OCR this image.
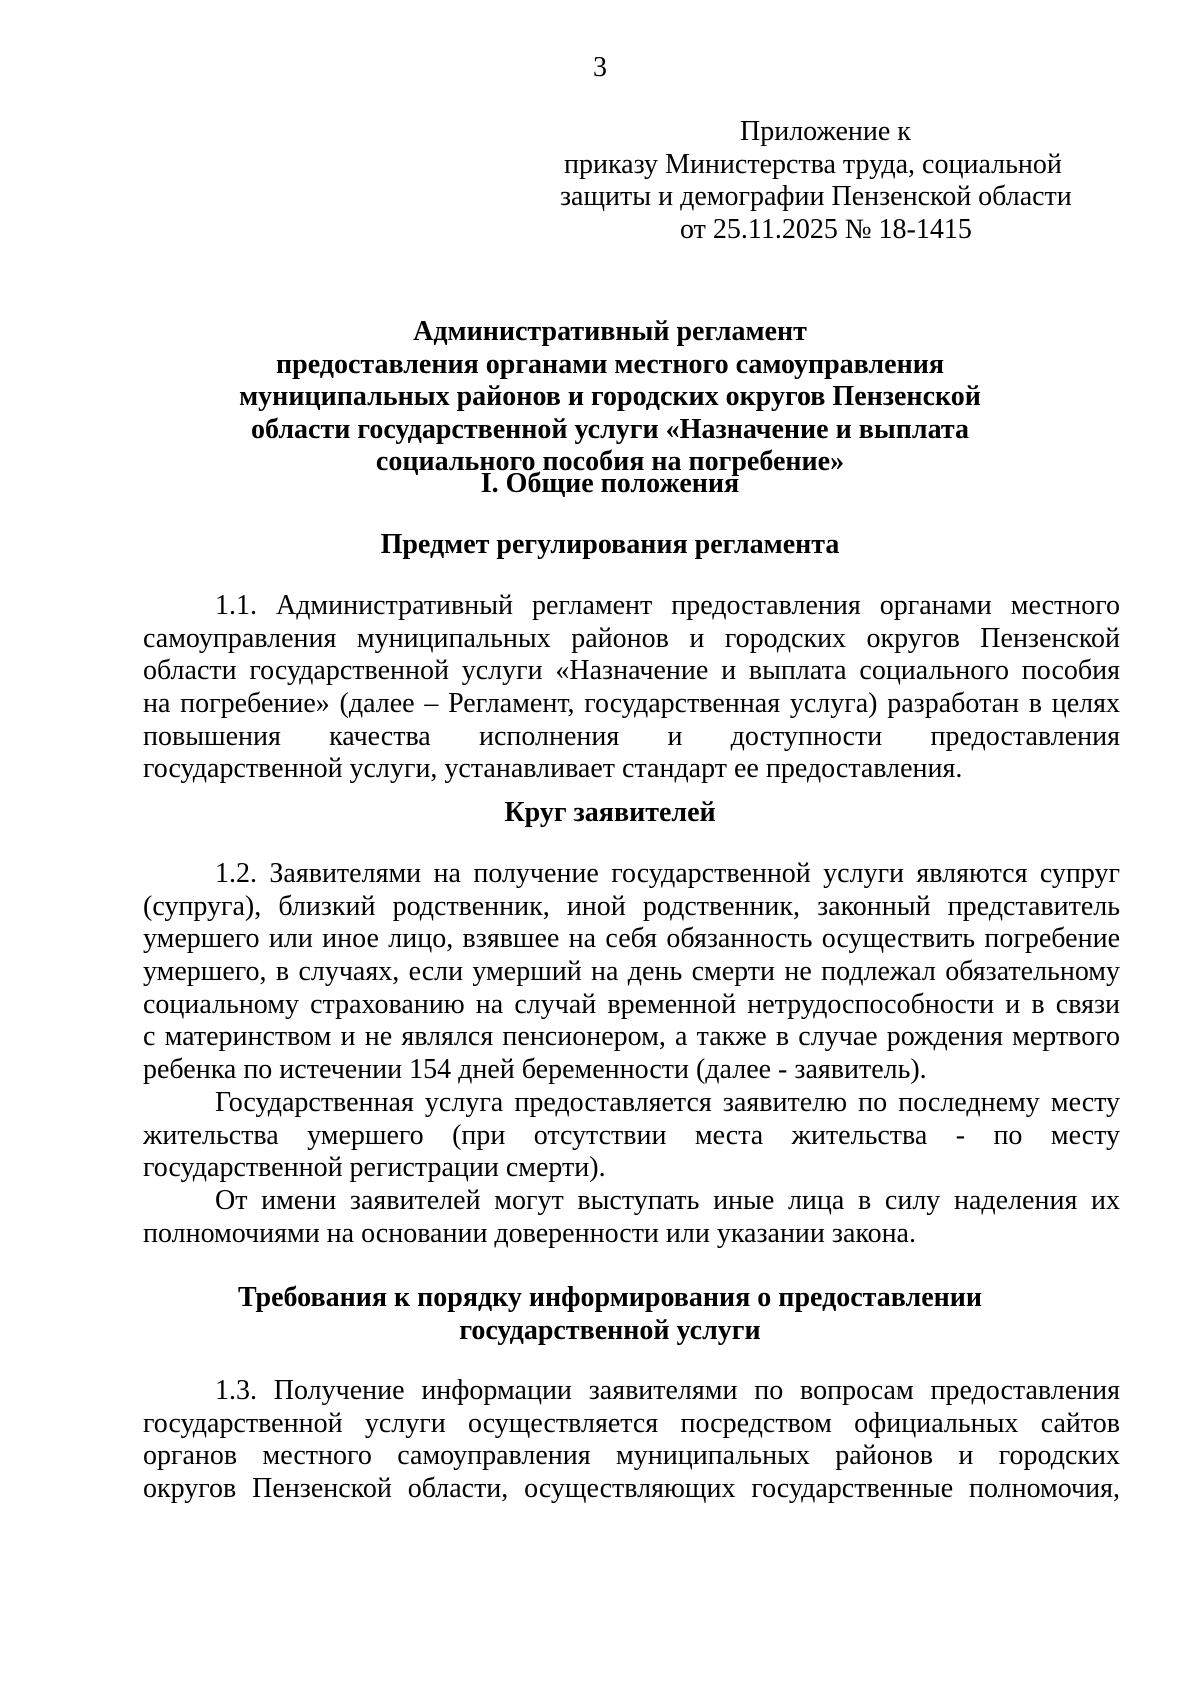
3
Приложение к
приказу Министерства труда, социальной
защиты и демографии Пензенской области
от 25.11.2025 № 18-1415
Административный регламент
предоставления органами местного самоуправления
муниципальных районов и городских округов Пензенской
области государственной услуги «Назначение и выплата
социального пособия на погребение»
I. Общие положения
Предмет регулирования регламента
1.1. Административный регламент предоставления органами местного
самоуправления муниципальных районов и городских округов Пензенской
области государственной услуги «Назначение и выплата социального пособия
на погребение» (далее – Регламент, государственная услуга) разработан в целях
повышения качества исполнения и доступности предоставления
государственной услуги, устанавливает стандарт ее предоставления.
Круг заявителей
1.2. Заявителями на получение государственной услуги являются супруг
(супруга), близкий родственник, иной родственник, законный представитель
умершего или иное лицо, взявшее на себя обязанность осуществить погребение
умершего, в случаях, если умерший на день смерти не подлежал обязательному
социальному страхованию на случай временной нетрудоспособности и в связи
с материнством и не являлся пенсионером, а также в случае рождения мертвого
ребенка по истечении 154 дней беременности (далее - заявитель).
Государственная услуга предоставляется заявителю по последнему месту
жительства умершего (при отсутствии места жительства - по месту
государственной регистрации смерти).
От имени заявителей могут выступать иные лица в силу наделения их
полномочиями на основании доверенности или указании закона.
Требования к порядку информирования о предоставлении
государственной услуги
1.3. Получение информации заявителями по вопросам предоставления
государственной услуги осуществляется посредством официальных сайтов
органов местного самоуправления муниципальных районов и городских
округов Пензенской области, осуществляющих государственные полномочия,
